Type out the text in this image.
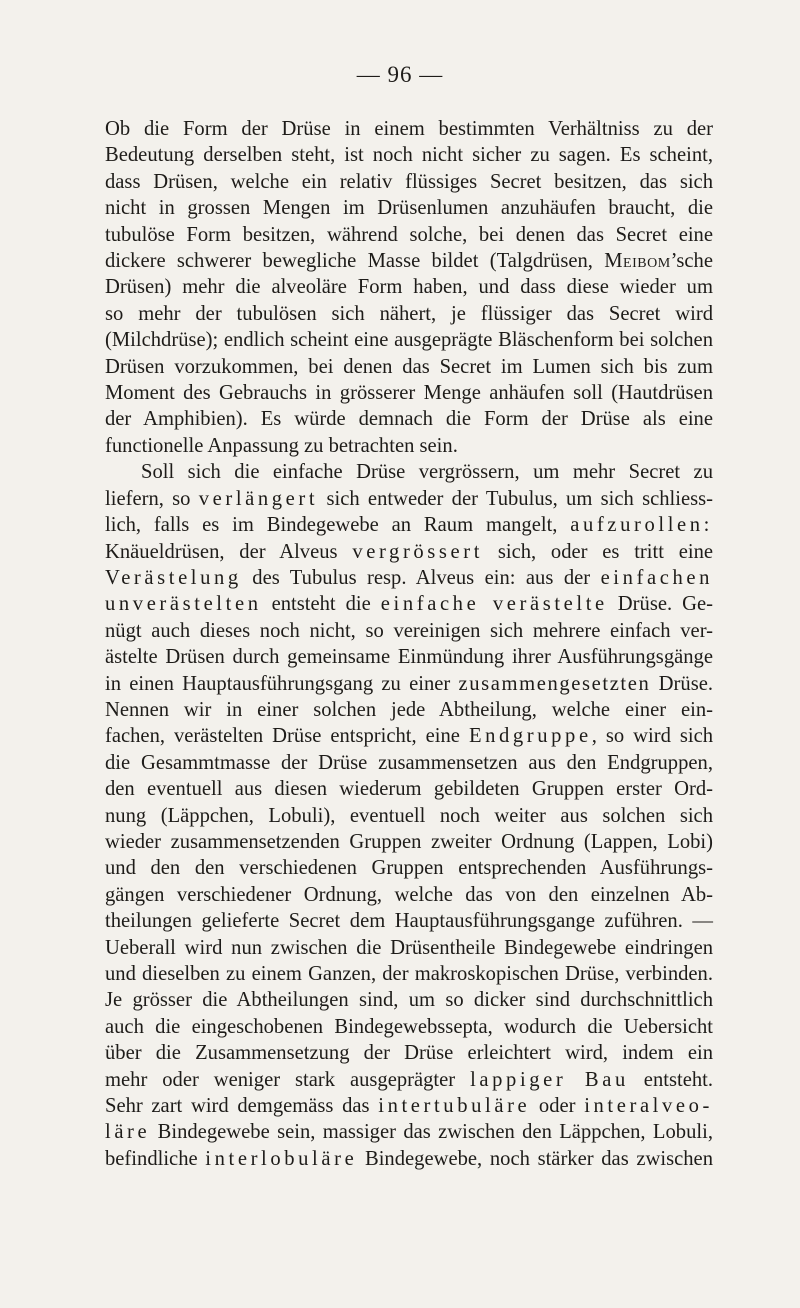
— 96 —
Ob die Form der Drüse in einem bestimmten Verhältniss zu der
Bedeutung derselben steht, ist noch nicht sicher zu sagen. Es scheint,
dass Drüsen, welche ein relativ flüssiges Secret besitzen, das sich
nicht in grossen Mengen im Drüsenlumen anzuhäufen braucht, die
tubulöse Form besitzen, während solche, bei denen das Secret eine
dickere schwerer bewegliche Masse bildet (Talgdrüsen, Meibom’sche
Drüsen) mehr die alveoläre Form haben, und dass diese wieder um
so mehr der tubulösen sich nähert, je flüssiger das Secret wird
(Milchdrüse); endlich scheint eine ausgeprägte Bläschenform bei solchen
Drüsen vorzukommen, bei denen das Secret im Lumen sich bis zum
Moment des Gebrauchs in grösserer Menge anhäufen soll (Hautdrüsen
der Amphibien). Es würde demnach die Form der Drüse als eine
functionelle Anpassung zu betrachten sein.
Soll sich die einfache Drüse vergrössern, um mehr Secret zu
liefern, so verlängert sich entweder der Tubulus, um sich schliess-
lich, falls es im Bindegewebe an Raum mangelt, aufzurollen:
Knäueldrüsen, der Alveus vergrössert sich, oder es tritt eine
Verästelung des Tubulus resp. Alveus ein: aus der einfachen
unverästelten entsteht die einfache verästelte Drüse. Ge-
nügt auch dieses noch nicht, so vereinigen sich mehrere einfach ver-
ästelte Drüsen durch gemeinsame Einmündung ihrer Ausführungsgänge
in einen Hauptausführungsgang zu einer zusammengesetzten Drüse.
Nennen wir in einer solchen jede Abtheilung, welche einer ein-
fachen, verästelten Drüse entspricht, eine Endgruppe, so wird sich
die Gesammtmasse der Drüse zusammensetzen aus den Endgruppen,
den eventuell aus diesen wiederum gebildeten Gruppen erster Ord-
nung (Läppchen, Lobuli), eventuell noch weiter aus solchen sich
wieder zusammensetzenden Gruppen zweiter Ordnung (Lappen, Lobi)
und den den verschiedenen Gruppen entsprechenden Ausführungs-
gängen verschiedener Ordnung, welche das von den einzelnen Ab-
theilungen gelieferte Secret dem Hauptausführungsgange zuführen. —
Ueberall wird nun zwischen die Drüsentheile Bindegewebe eindringen
und dieselben zu einem Ganzen, der makroskopischen Drüse, verbinden.
Je grösser die Abtheilungen sind, um so dicker sind durchschnittlich
auch die eingeschobenen Bindegewebssepta, wodurch die Uebersicht
über die Zusammensetzung der Drüse erleichtert wird, indem ein
mehr oder weniger stark ausgeprägter lappiger Bau entsteht.
Sehr zart wird demgemäss das intertubuläre oder interalveo-
läre Bindegewebe sein, massiger das zwischen den Läppchen, Lobuli,
befindliche interlobuläre Bindegewebe, noch stärker das zwischen
